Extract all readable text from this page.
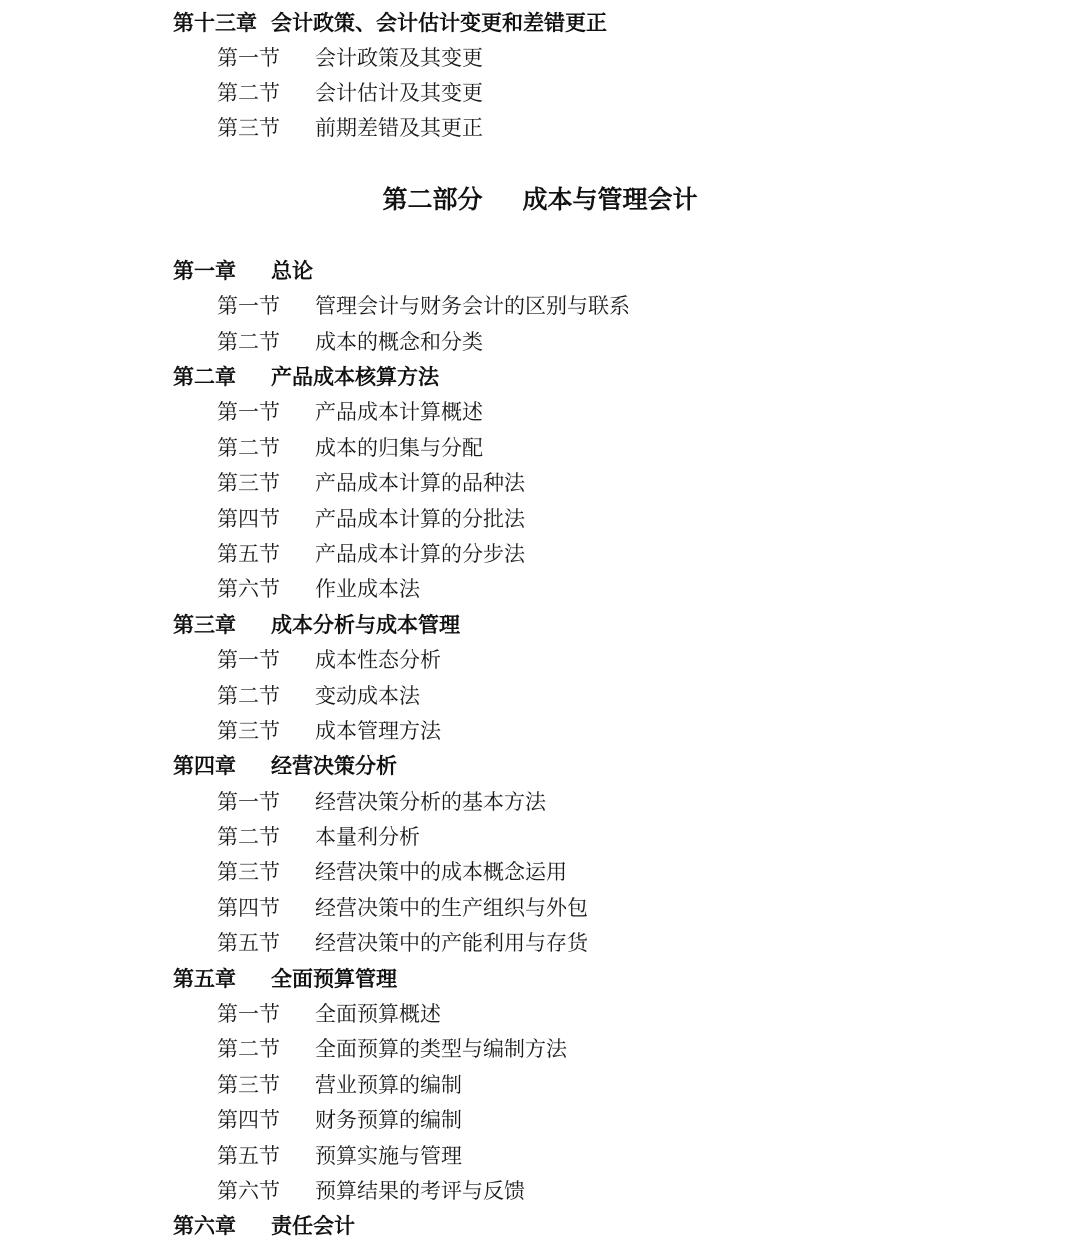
第十三章 会计政策、会计估计变更和差错更正
第一节 会计政策及其变更
第二节 会计估计及其变更
第三节 前期差错及其更正
第二部分 成本与管理会计
第一章 总论
第一节 管理会计与财务会计的区别与联系
第二节 成本的概念和分类
第二章 产品成本核算方法
第一节 产品成本计算概述
第二节 成本的归集与分配
第三节 产品成本计算的品种法
第四节 产品成本计算的分批法
第五节 产品成本计算的分步法
第六节 作业成本法
第三章 成本分析与成本管理
第一节 成本性态分析
第二节 变动成本法
第三节 成本管理方法
第四章 经营决策分析
第一节 经营决策分析的基本方法
第二节 本量利分析
第三节 经营决策中的成本概念运用
第四节 经营决策中的生产组织与外包
第五节 经营决策中的产能利用与存货
第五章 全面预算管理
第一节 全面预算概述
第二节 全面预算的类型与编制方法
第三节 营业预算的编制
第四节 财务预算的编制
第五节 预算实施与管理
第六节 预算结果的考评与反馈
第六章 责任会计
